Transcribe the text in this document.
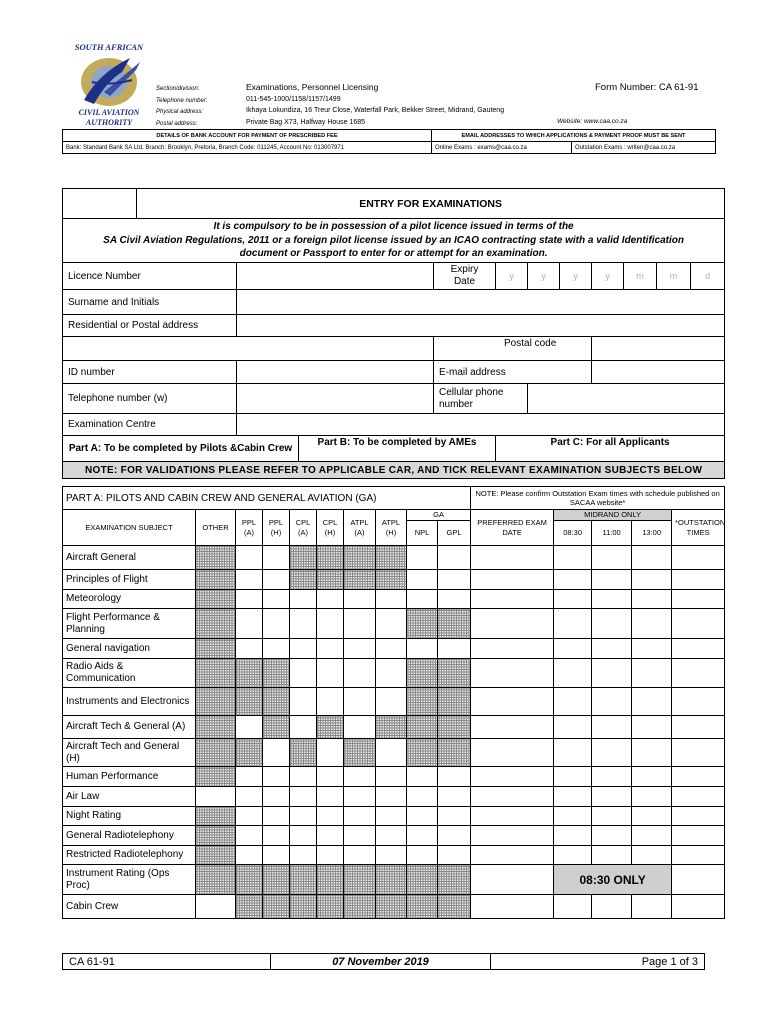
SOUTH AFRICAN
CIVIL AVIATION
AUTHORITY
Section/division:
Telephone number:
Physical address:
Postal address:
Examinations, Personnel Licensing
011-545-1000/1158/1157/1499
Ikhaya Lokundiza, 16 Treur Close, Waterfall Park, Bekker Street, Midrand, Gauteng
Private Bag X73, Halfway House 1685
Form Number: CA 61-91
Website: www.caa.co.za
DETAILS OF BANK ACCOUNT FOR PAYMENT OF PRESCRIBED FEE	EMAIL ADDRESSES TO WHICH APPLICATIONS & PAYMENT PROOF MUST BE SENT	
Bank: Standard Bank SA Ltd, Branch: Brooklyn, Pretoria, Branch Code: 011245, Account No: 013007971	Online Exams : exams@caa.co.za	Outstation Exams : writen@caa.co.za
	ENTRY FOR EXAMINATIONS										

It is compulsory to be in possession of a pilot licence issued in terms of the
SA Civil Aviation Regulations, 2011 or a foreign pilot license issued by an ICAO contracting state with a valid Identification
document or Passport to enter for or attempt for an examination.											

Licence Number				Expiry Date	y	y	y	y	m	m	d
Surname and Initials											
Residential or Postal address											
				Postal code							
ID number				E-mail address							
Telephone number (w)				Cellular phone number							
Examination Centre											
Part A: To be completed by Pilots &Cabin Crew			Part B: To be completed by AMEs		Part C: For all Applicants						
NOTE: FOR VALIDATIONS PLEASE REFER TO APPLICABLE CAR, AND TICK RELEVANT EXAMINATION SUBJECTS BELOW											
PART A: PILOTS AND CABIN CREW AND GENERAL AVIATION (GA)										NOTE: Please confirm Outstation Exam times with schedule published on SACAA website*				
EXAMINATION SUBJECT	OTHER	PPL (A)	PPL (H)	CPL (A)	CPL (H)	ATPL (A)	ATPL (H)	GA		PREFERRED EXAM DATE	MIDRAND ONLY			*OUTSTATION TIMES
								NPL	GPL		08:30	11:00	13:00	
Aircraft General														
Principles of Flight														
Meteorology														
Flight Performance & Planning														
General navigation														
Radio Aids & Communication														
Instruments and Electronics														
Aircraft Tech & General (A)														
Aircraft Tech and General (H)														
Human Performance														
Air Law														
Night Rating														
General Radiotelephony														
Restricted Radiotelephony														
Instrument Rating (Ops Proc)											08:30 ONLY			
Cabin Crew														
CA 61-91	07 November 2019	Page 1 of 3
